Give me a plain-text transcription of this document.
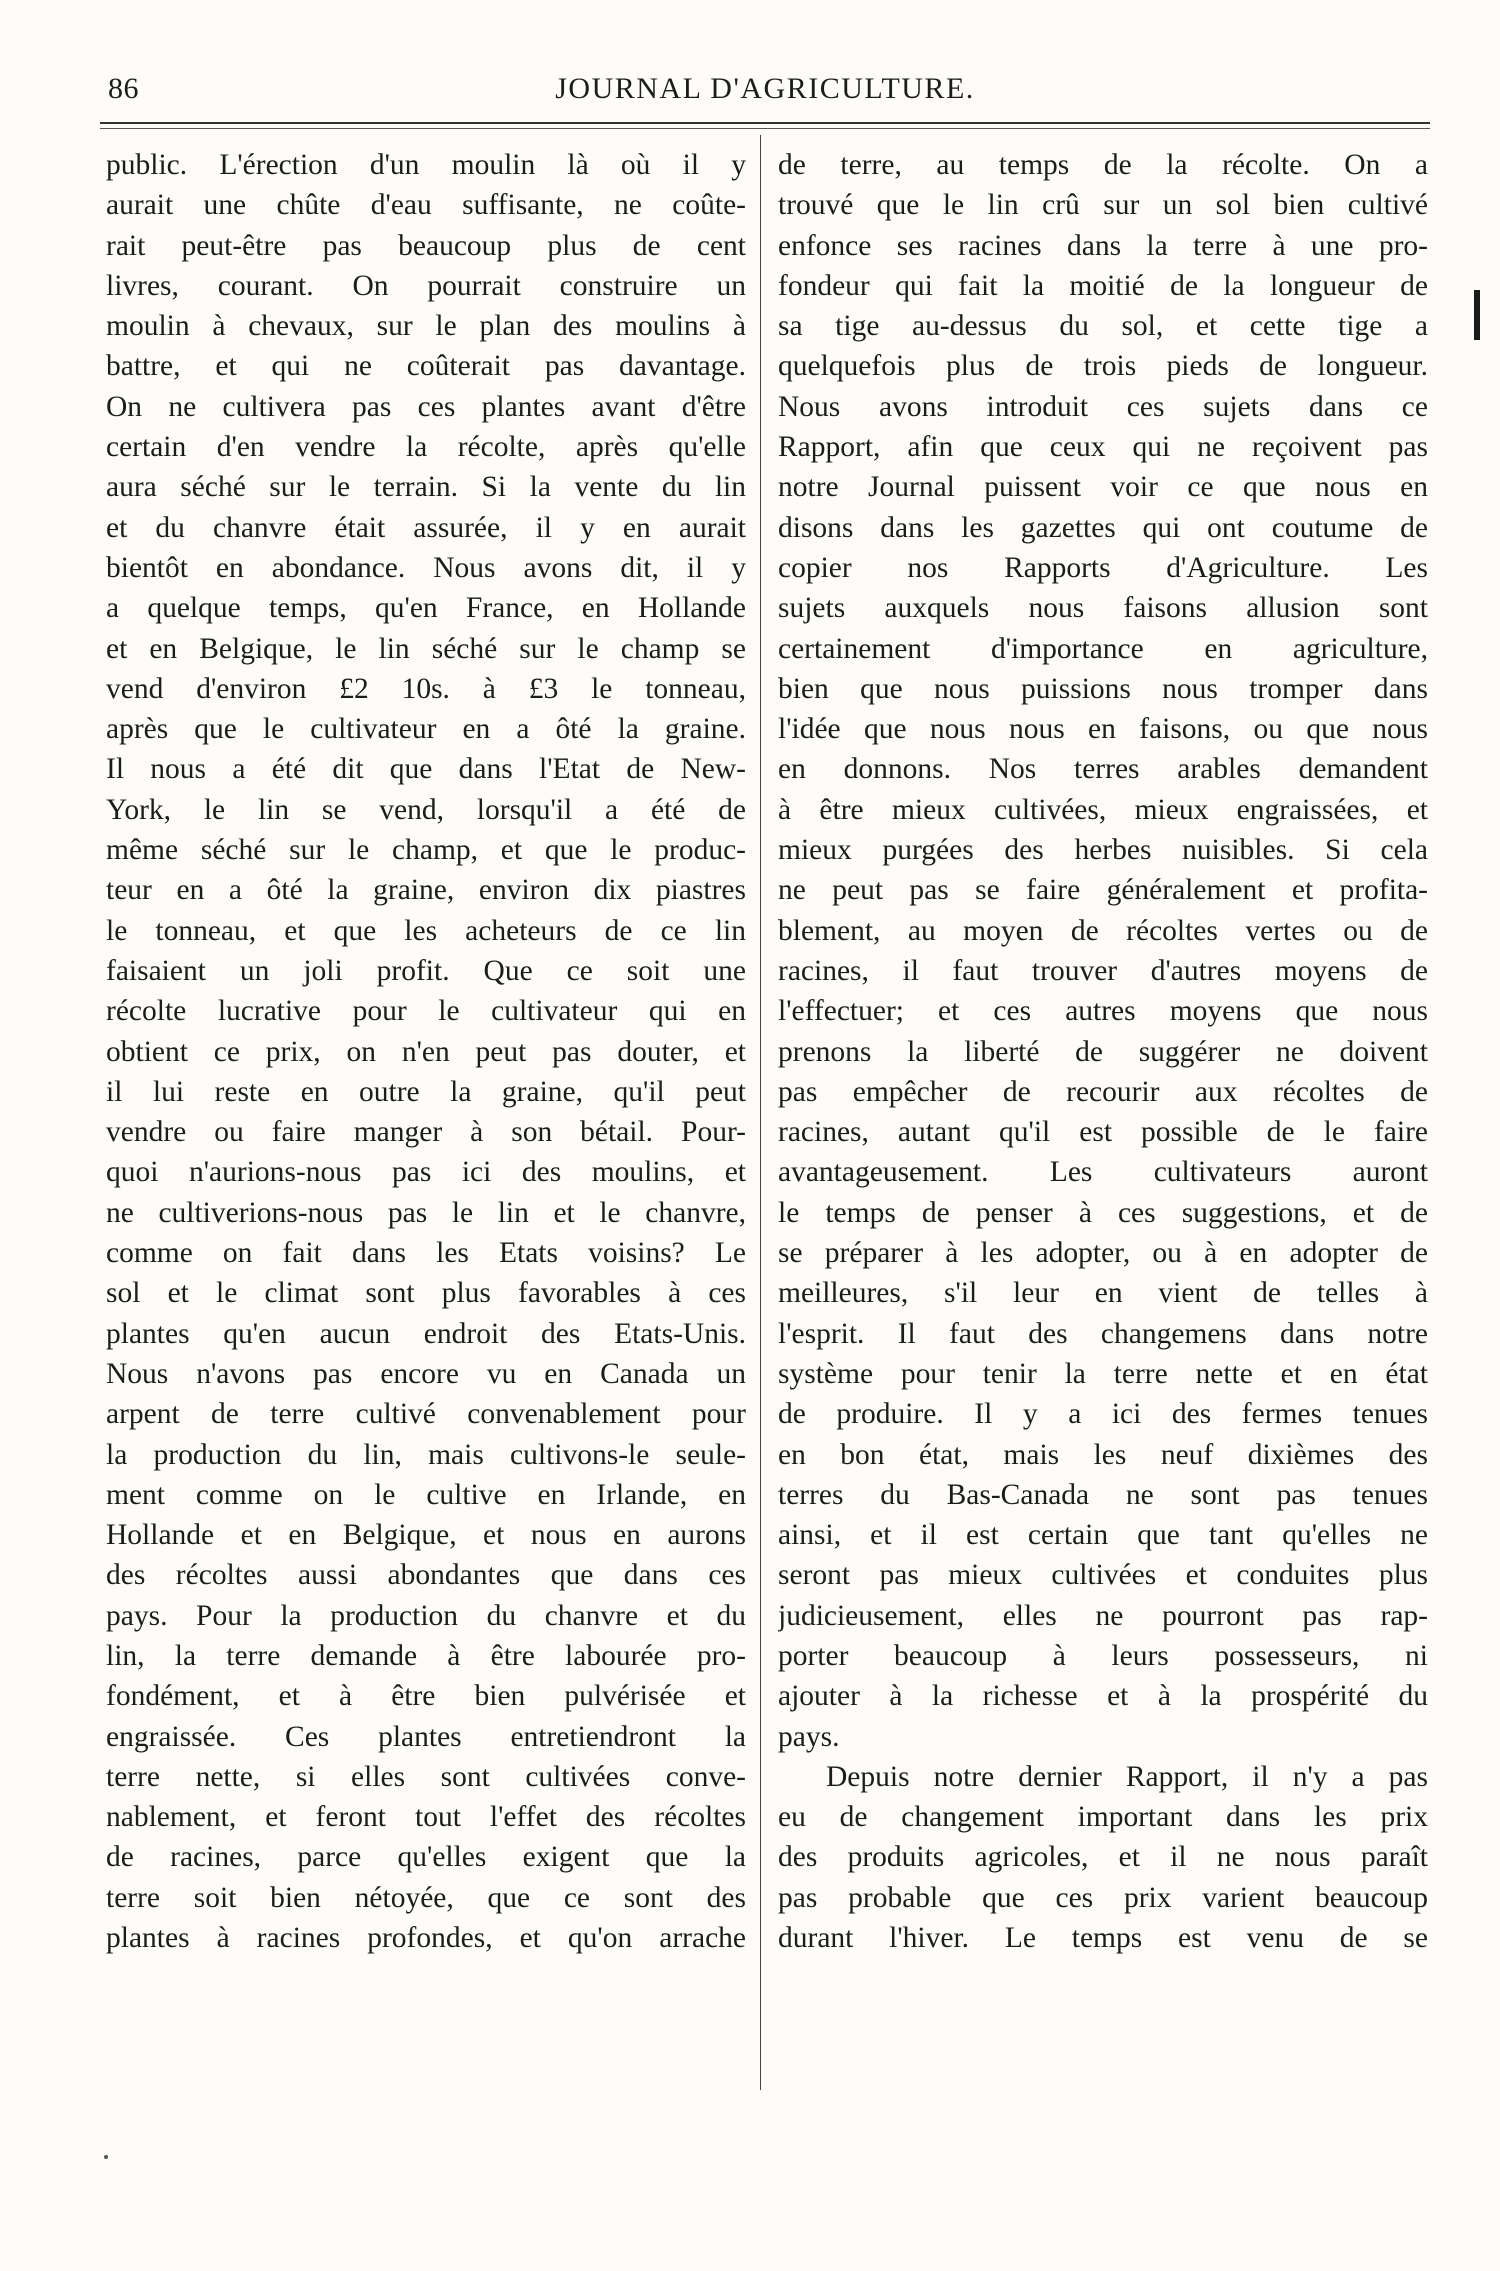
86	JOURNAL D'AGRICULTURE.
public. L'érection d'un moulin là où il y
aurait une chûte d'eau suffisante, ne coûte-
rait peut-être pas beaucoup plus de cent
livres, courant. On pourrait construire un
moulin à chevaux, sur le plan des moulins à
battre, et qui ne coûterait pas davantage.
On ne cultivera pas ces plantes avant d'être
certain d'en vendre la récolte, après qu'elle
aura séché sur le terrain. Si la vente du lin
et du chanvre était assurée, il y en aurait
bientôt en abondance. Nous avons dit, il y
a quelque temps, qu'en France, en Hollande
et en Belgique, le lin séché sur le champ se
vend d'environ £2 10s. à £3 le tonneau,
après que le cultivateur en a ôté la graine.
Il nous a été dit que dans l'Etat de New-
York, le lin se vend, lorsqu'il a été de
même séché sur le champ, et que le produc-
teur en a ôté la graine, environ dix piastres
le tonneau, et que les acheteurs de ce lin
faisaient un joli profit. Que ce soit une
récolte lucrative pour le cultivateur qui en
obtient ce prix, on n'en peut pas douter, et
il lui reste en outre la graine, qu'il peut
vendre ou faire manger à son bétail. Pour-
quoi n'aurions-nous pas ici des moulins, et
ne cultiverions-nous pas le lin et le chanvre,
comme on fait dans les Etats voisins? Le
sol et le climat sont plus favorables à ces
plantes qu'en aucun endroit des Etats-Unis.
Nous n'avons pas encore vu en Canada un
arpent de terre cultivé convenablement pour
la production du lin, mais cultivons-le seule-
ment comme on le cultive en Irlande, en
Hollande et en Belgique, et nous en aurons
des récoltes aussi abondantes que dans ces
pays. Pour la production du chanvre et du
lin, la terre demande à être labourée pro-
fondément, et à être bien pulvérisée et
engraissée. Ces plantes entretiendront la
terre nette, si elles sont cultivées conve-
nablement, et feront tout l'effet des récoltes
de racines, parce qu'elles exigent que la
terre soit bien nétoyée, que ce sont des
plantes à racines profondes, et qu'on arrache
de terre, au temps de la récolte. On a
trouvé que le lin crû sur un sol bien cultivé
enfonce ses racines dans la terre à une pro-
fondeur qui fait la moitié de la longueur de
sa tige au-dessus du sol, et cette tige a
quelquefois plus de trois pieds de longueur.
Nous avons introduit ces sujets dans ce
Rapport, afin que ceux qui ne reçoivent pas
notre Journal puissent voir ce que nous en
disons dans les gazettes qui ont coutume de
copier nos Rapports d'Agriculture. Les
sujets auxquels nous faisons allusion sont
certainement d'importance en agriculture,
bien que nous puissions nous tromper dans
l'idée que nous nous en faisons, ou que nous
en donnons. Nos terres arables demandent
à être mieux cultivées, mieux engraissées, et
mieux purgées des herbes nuisibles. Si cela
ne peut pas se faire généralement et profita-
blement, au moyen de récoltes vertes ou de
racines, il faut trouver d'autres moyens de
l'effectuer; et ces autres moyens que nous
prenons la liberté de suggérer ne doivent
pas empêcher de recourir aux récoltes de
racines, autant qu'il est possible de le faire
avantageusement. Les cultivateurs auront
le temps de penser à ces suggestions, et de
se préparer à les adopter, ou à en adopter de
meilleures, s'il leur en vient de telles à
l'esprit. Il faut des changemens dans notre
système pour tenir la terre nette et en état
de produire. Il y a ici des fermes tenues
en bon état, mais les neuf dixièmes des
terres du Bas-Canada ne sont pas tenues
ainsi, et il est certain que tant qu'elles ne
seront pas mieux cultivées et conduites plus
judicieusement, elles ne pourront pas rap-
porter beaucoup à leurs possesseurs, ni
ajouter à la richesse et à la prospérité du
pays.
Depuis notre dernier Rapport, il n'y a pas
eu de changement important dans les prix
des produits agricoles, et il ne nous paraît
pas probable que ces prix varient beaucoup
durant l'hiver. Le temps est venu de se
